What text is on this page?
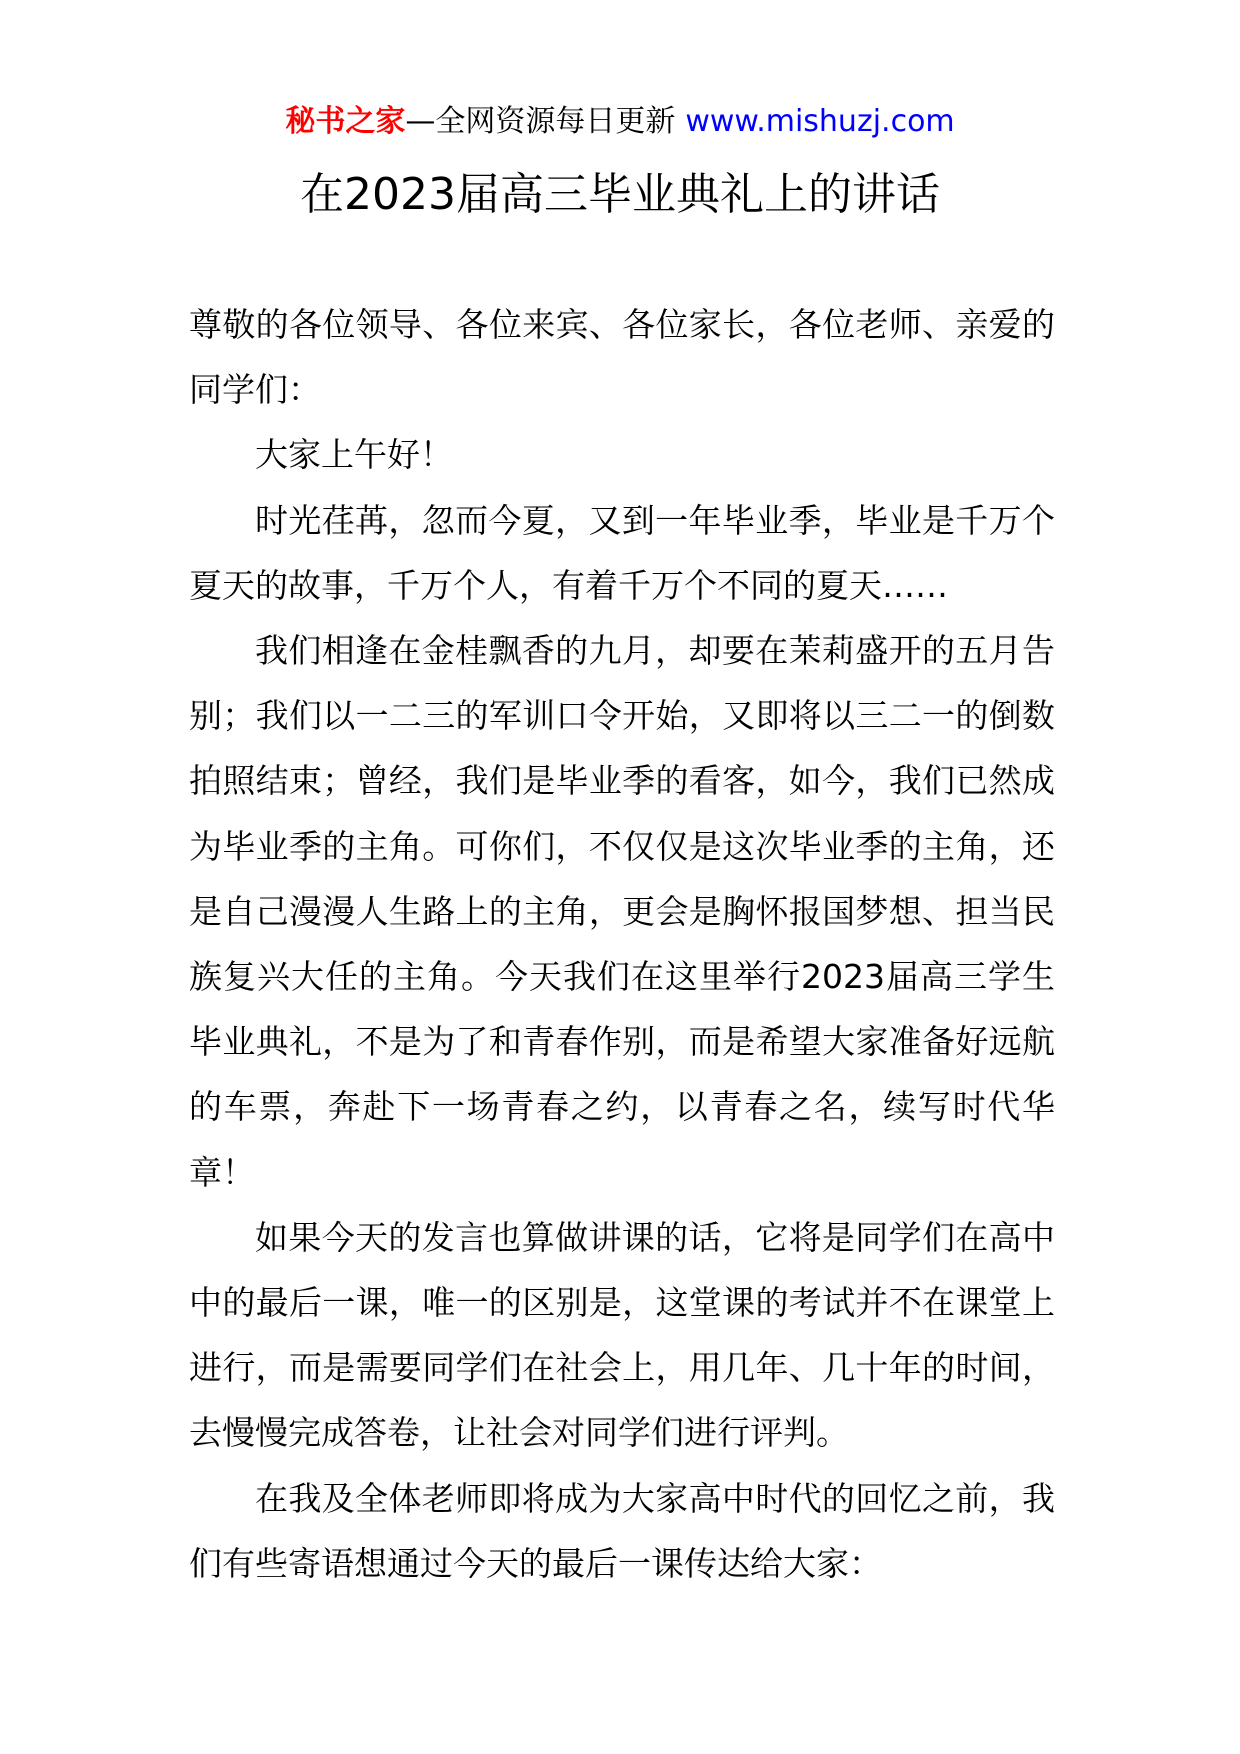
秘书之家—全网资源每日更新 www.mishuzj.com
在2023届高三毕业典礼上的讲话

尊敬的各位领导、各位来宾、各位家长，各位老师、亲爱的同学们：

大家上午好！

时光荏苒，忽而今夏，又到一年毕业季，毕业是千万个夏天的故事，千万个人，有着千万个不同的夏天……

我们相逢在金桂飘香的九月，却要在茉莉盛开的五月告别；我们以一二三的军训口令开始，又即将以三二一的倒数拍照结束；曾经，我们是毕业季的看客，如今，我们已然成为毕业季的主角。可你们，不仅仅是这次毕业季的主角，还是自己漫漫人生路上的主角，更会是胸怀报国梦想、担当民族复兴大任的主角。今天我们在这里举行2023届高三学生毕业典礼，不是为了和青春作别，而是希望大家准备好远航的车票，奔赴下一场青春之约，以青春之名，续写时代华章！

如果今天的发言也算做讲课的话，它将是同学们在高中中的最后一课，唯一的区别是，这堂课的考试并不在课堂上进行，而是需要同学们在社会上，用几年、几十年的时间，去慢慢完成答卷，让社会对同学们进行评判。

在我及全体老师即将成为大家高中时代的回忆之前，我们有些寄语想通过今天的最后一课传达给大家：
